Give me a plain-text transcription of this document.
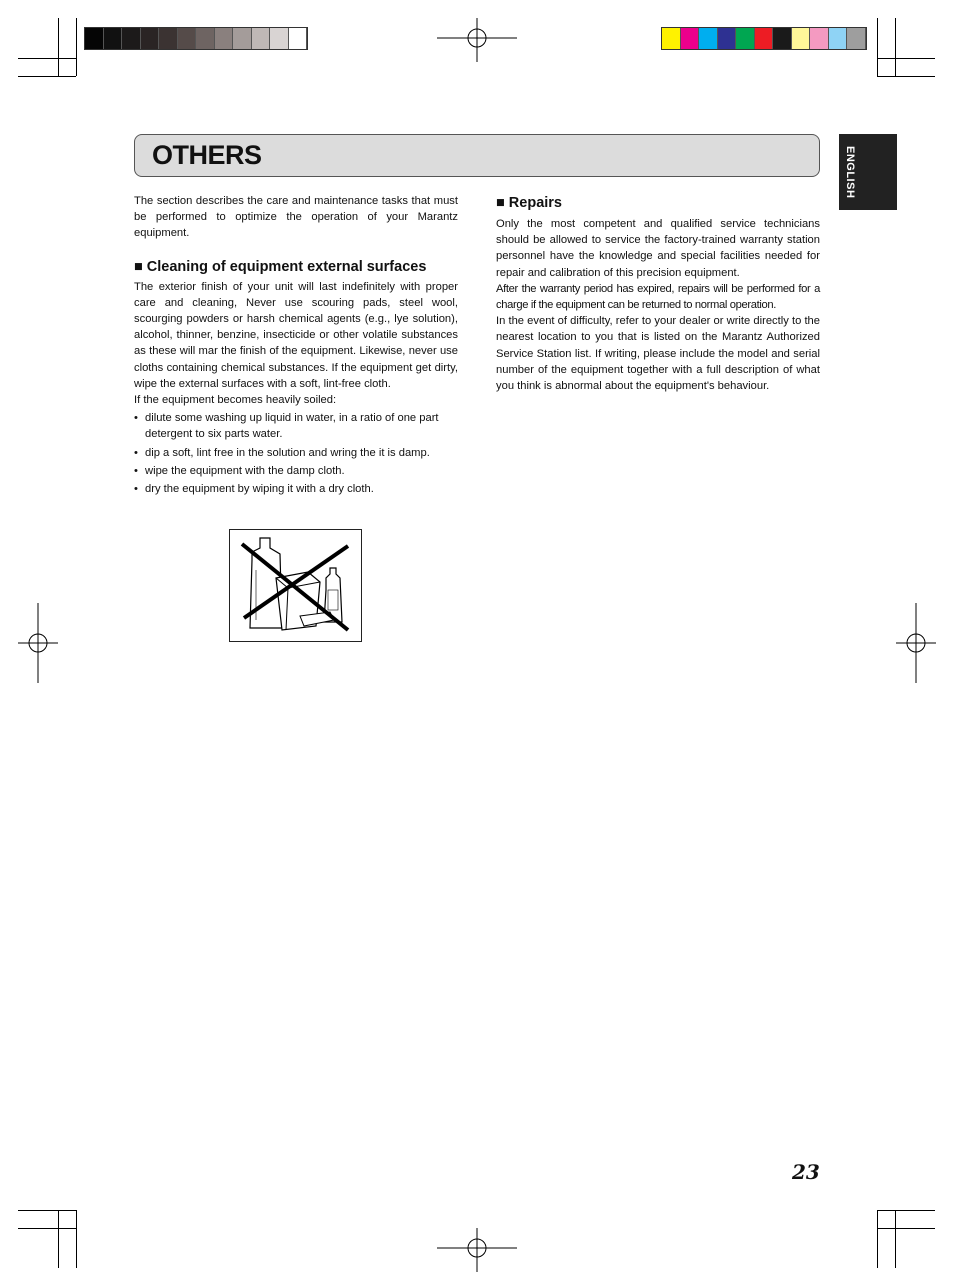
OTHERS	ENGLISH

The section describes the care and maintenance tasks that must be performed to optimize the operation of your Marantz equipment.

■ Cleaning of equipment external surfaces

The exterior finish of your unit will last indefinitely with proper care and cleaning, Never use scouring pads, steel wool, scourging powders or harsh chemical agents (e.g., lye solution), alcohol, thinner, benzine, insecticide or other volatile substances as these will mar the finish of the equipment. Likewise, never use cloths containing chemical substances. If the equipment get dirty, wipe the external surfaces with a soft, lint-free cloth.

If the equipment becomes heavily soiled:

• dilute some washing up liquid in water, in a ratio of one part detergent to six parts water.
• dip a soft, lint free in the solution and wring the it is damp.
• wipe the equipment with the damp cloth.
• dry the equipment by wiping it with a dry cloth.
■ Repairs

Only the most competent and qualified service technicians should be allowed to service the factory-trained warranty station personnel have the knowledge and special facilities needed for repair and calibration of this precision equipment.

After the warranty period has expired, repairs will be performed for a charge if the equipment can be returned to normal operation.

In the event of difficulty, refer to your dealer or write directly to the nearest location to you that is listed on the Marantz Authorized Service Station list. If writing, please include the model and serial number of the equipment together with a full description of what you think is abnormal about the equipment's behaviour.

23
